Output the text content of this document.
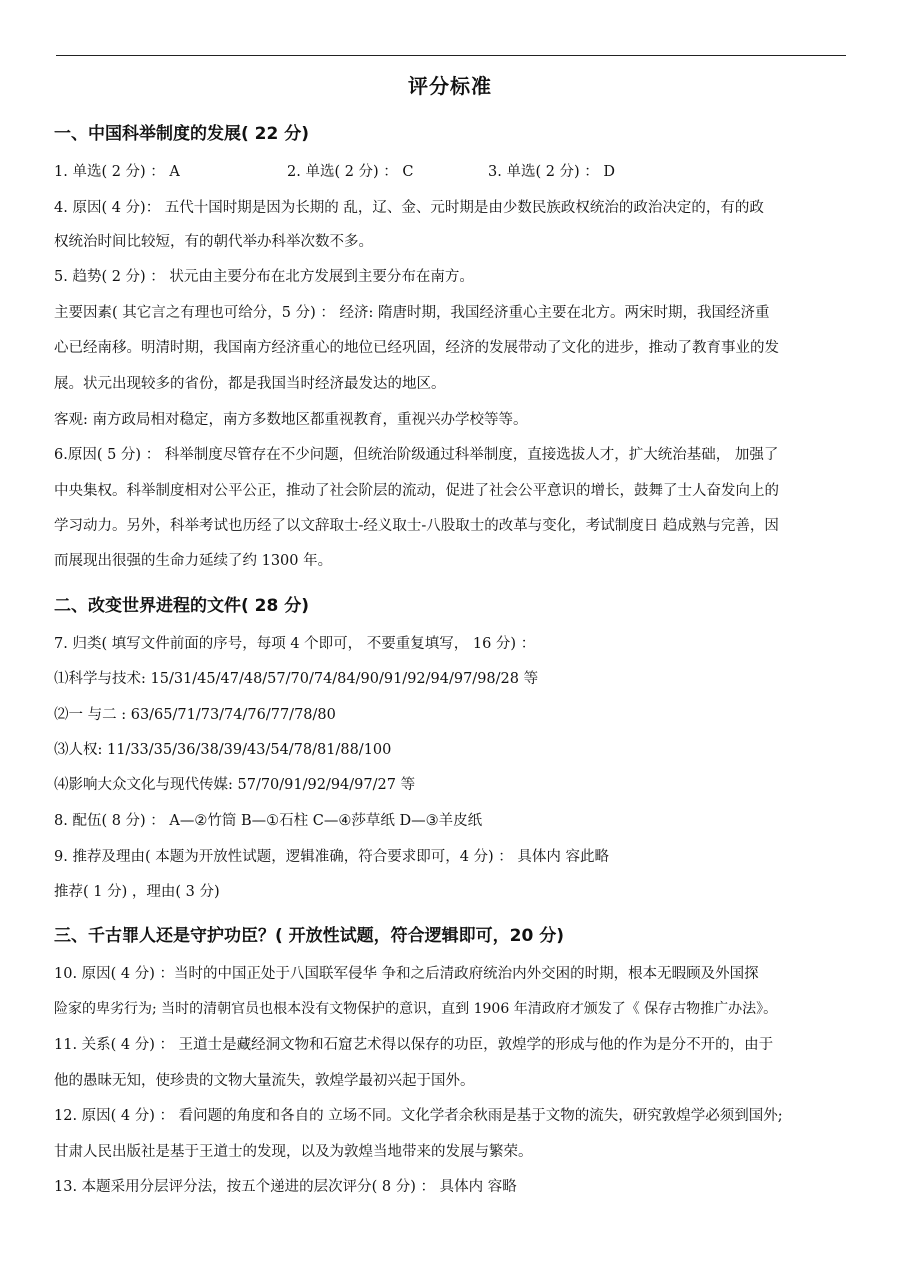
评分标准
一、中国科举制度的发展( 22 分)
1. 单选( 2 分) ： A	2. 单选( 2 分) ： C	3. 单选( 2 分) ： D
4. 原因( 4 分)： 五代十国时期是因为长期的 乱，辽、金、元时期是由少数民族政权统治的政治决定的，有的政
权统治时间比较短，有的朝代举办科举次数不多。
5. 趋势( 2 分) ： 状元由主要分布在北方发展到主要分布在南方。
主要因素( 其它言之有理也可给分，5 分) ： 经济: 隋唐时期，我国经济重心主要在北方。两宋时期，我国经济重
心已经南移。明清时期，我国南方经济重心的地位已经巩固，经济的发展带动了文化的进步，推动了教育事业的发
展。状元出现较多的省份，都是我国当时经济最发达的地区。
客观: 南方政局相对稳定，南方多数地区都重视教育，重视兴办学校等等。
6.原因( 5 分) ： 科举制度尽管存在不少问题，但统治阶级通过科举制度，直接选拔人才，扩大统治基础， 加强了
中央集权。科举制度相对公平公正，推动了社会阶层的流动，促进了社会公平意识的增长，鼓舞了士人奋发向上的
学习动力。另外，科举考试也历经了以文辞取士-经义取士-八股取士的改革与变化，考试制度日 趋成熟与完善，因
而展现出很强的生命力延续了约 1300 年。
二、改变世界进程的文件( 28 分)
7. 归类( 填写文件前面的序号，每项 4 个即可， 不要重复填写， 16 分) ：
⑴科学与技术: 15/31/45/47/48/57/70/74/84/90/91/92/94/97/98/28 等
⑵一 与二 : 63/65/71/73/74/76/77/78/80
⑶人权: 11/33/35/36/38/39/43/54/78/81/88/100
⑷影响大众文化与现代传媒: 57/70/91/92/94/97/27 等
8. 配伍( 8 分) ： A—②竹筒 B—①石柱 C—④莎草纸 D—③羊皮纸
9. 推荐及理由( 本题为开放性试题，逻辑准确，符合要求即可，4 分) ： 具体内 容此略
推荐( 1 分) ，理由( 3 分)
三、千古罪人还是守护功臣？( 开放性试题，符合逻辑即可，20 分)
10. 原因( 4 分) ：当时的中国正处于八国联军侵华 争和之后清政府统治内外交困的时期，根本无暇顾及外国探
险家的卑劣行为; 当时的清朝官员也根本没有文物保护的意识，直到 1906 年清政府才颁发了《 保存古物推广办法》。
11. 关系( 4 分) ： 王道士是藏经洞文物和石窟艺术得以保存的功臣，敦煌学的形成与他的作为是分不开的，由于
他的愚昧无知，使珍贵的文物大量流失，敦煌学最初兴起于国外。
12. 原因( 4 分) ： 看问题的角度和各自的 立场不同。文化学者余秋雨是基于文物的流失，研究敦煌学必须到国外;
甘肃人民出版社是基于王道士的发现，以及为敦煌当地带来的发展与繁荣。
13. 本题采用分层评分法，按五个递进的层次评分( 8 分) ： 具体内 容略
